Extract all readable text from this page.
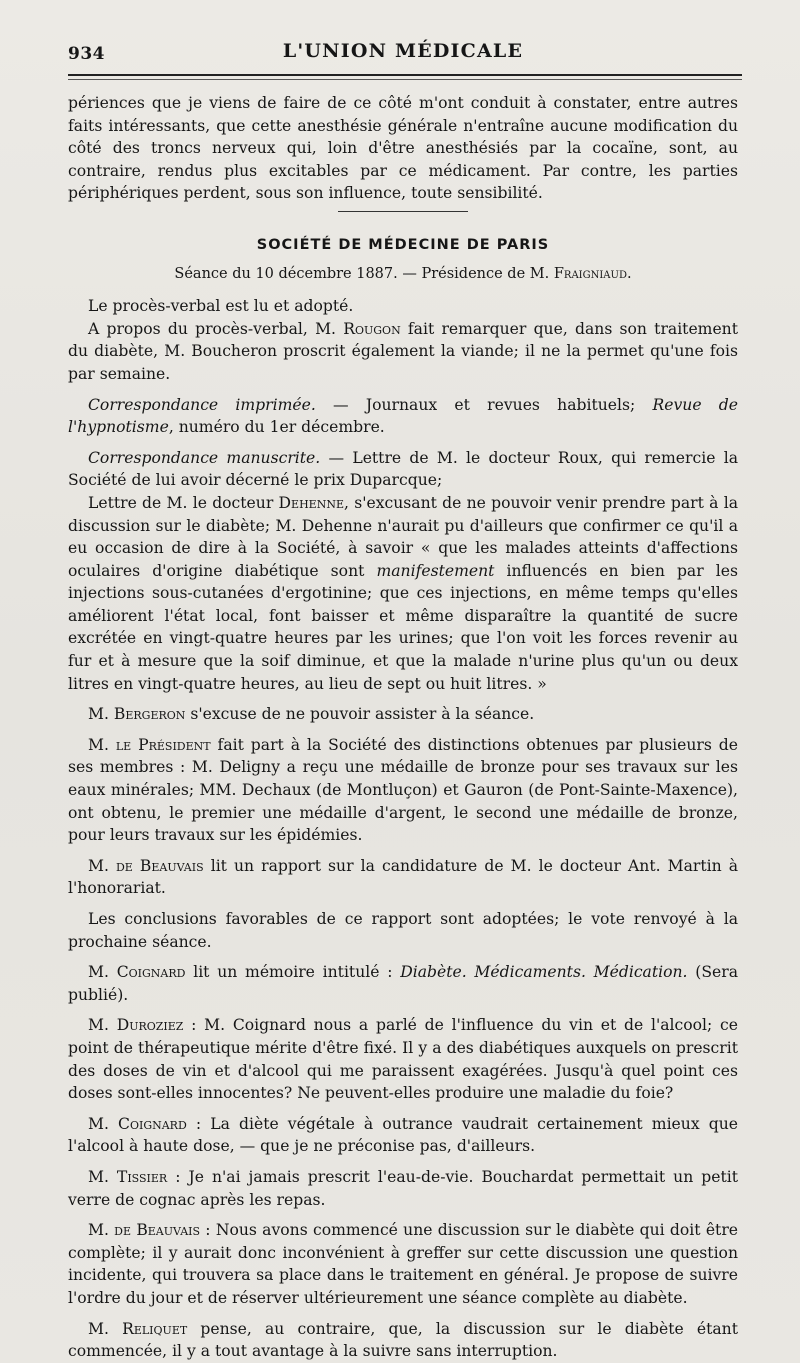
934	L'UNION MÉDICALE

périences que je viens de faire de ce côté m'ont conduit à constater, entre autres faits intéressants, que cette anesthésie générale n'entraîne aucune modification du côté des troncs nerveux qui, loin d'être anesthésiés par la cocaïne, sont, au contraire, rendus plus excitables par ce médicament. Par contre, les parties périphériques perdent, sous son influence, toute sensibilité.

SOCIÉTÉ DE MÉDECINE DE PARIS
Séance du 10 décembre 1887. — Présidence de M. Fraigniaud.

Le procès-verbal est lu et adopté.

A propos du procès-verbal, M. Rougon fait remarquer que, dans son traitement du diabète, M. Boucheron proscrit également la viande; il ne la permet qu'une fois par semaine.

Correspondance imprimée. — Journaux et revues habituels; Revue de l'hypnotisme, numéro du 1er décembre.

Correspondance manuscrite. — Lettre de M. le docteur Roux, qui remercie la Société de lui avoir décerné le prix Duparcque;

Lettre de M. le docteur Dehenne, s'excusant de ne pouvoir venir prendre part à la discussion sur le diabète; M. Dehenne n'aurait pu d'ailleurs que confirmer ce qu'il a eu occasion de dire à la Société, à savoir « que les malades atteints d'affections oculaires d'origine diabétique sont manifestement influencés en bien par les injections sous-cutanées d'ergotinine; que ces injections, en même temps qu'elles améliorent l'état local, font baisser et même disparaître la quantité de sucre excrétée en vingt-quatre heures par les urines; que l'on voit les forces revenir au fur et à mesure que la soif diminue, et que la malade n'urine plus qu'un ou deux litres en vingt-quatre heures, au lieu de sept ou huit litres. »

M. Bergeron s'excuse de ne pouvoir assister à la séance.

M. le Président fait part à la Société des distinctions obtenues par plusieurs de ses membres : M. Deligny a reçu une médaille de bronze pour ses travaux sur les eaux minérales; MM. Dechaux (de Montluçon) et Gauron (de Pont-Sainte-Maxence), ont obtenu, le premier une médaille d'argent, le second une médaille de bronze, pour leurs travaux sur les épidémies.

M. de Beauvais lit un rapport sur la candidature de M. le docteur Ant. Martin à l'honorariat.

Les conclusions favorables de ce rapport sont adoptées; le vote renvoyé à la prochaine séance.

M. Coignard lit un mémoire intitulé : Diabète. Médicaments. Médication. (Sera publié).

M. Duroziez : M. Coignard nous a parlé de l'influence du vin et de l'alcool; ce point de thérapeutique mérite d'être fixé. Il y a des diabétiques auxquels on prescrit des doses de vin et d'alcool qui me paraissent exagérées. Jusqu'à quel point ces doses sont-elles innocentes? Ne peuvent-elles produire une maladie du foie?

M. Coignard : La diète végétale à outrance vaudrait certainement mieux que l'alcool à haute dose, — que je ne préconise pas, d'ailleurs.

M. Tissier : Je n'ai jamais prescrit l'eau-de-vie. Bouchardat permettait un petit verre de cognac après les repas.

M. de Beauvais : Nous avons commencé une discussion sur le diabète qui doit être complète; il y aurait donc inconvénient à greffer sur cette discussion une question incidente, qui trouvera sa place dans le traitement en général. Je propose de suivre l'ordre du jour et de réserver ultérieurement une séance complète au diabète.

M. Reliquet pense, au contraire, que, la discussion sur le diabète étant commencée, il y a tout avantage à la suivre sans interruption.
